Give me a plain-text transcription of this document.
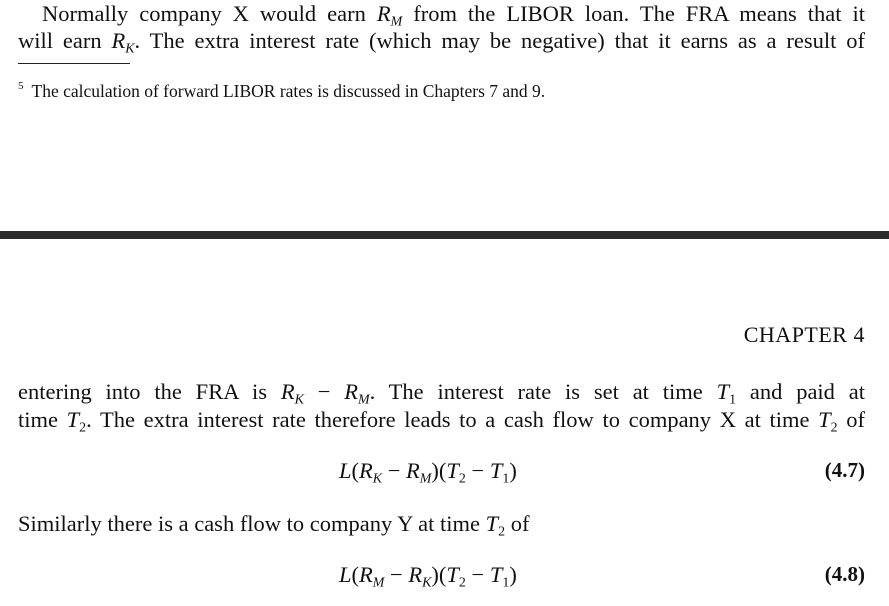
Normally company X would earn $R_M$ from the LIBOR loan. The FRA means that it
will earn $R_K$. The extra interest rate (which may be negative) that it earns as a result of
$^5$ The calculation of forward LIBOR rates is discussed in Chapters 7 and 9.
CHAPTER 4
entering into the FRA is $R_K - R_M$. The interest rate is set at time $T_1$ and paid at
time $T_2$. The extra interest rate therefore leads to a cash flow to company X at time $T_2$ of
$L(R_K - R_M)(T_2 - T_1)$	(4.7)
Similarly there is a cash flow to company Y at time $T_2$ of
$L(R_M - R_K)(T_2 - T_1)$	(4.8)
